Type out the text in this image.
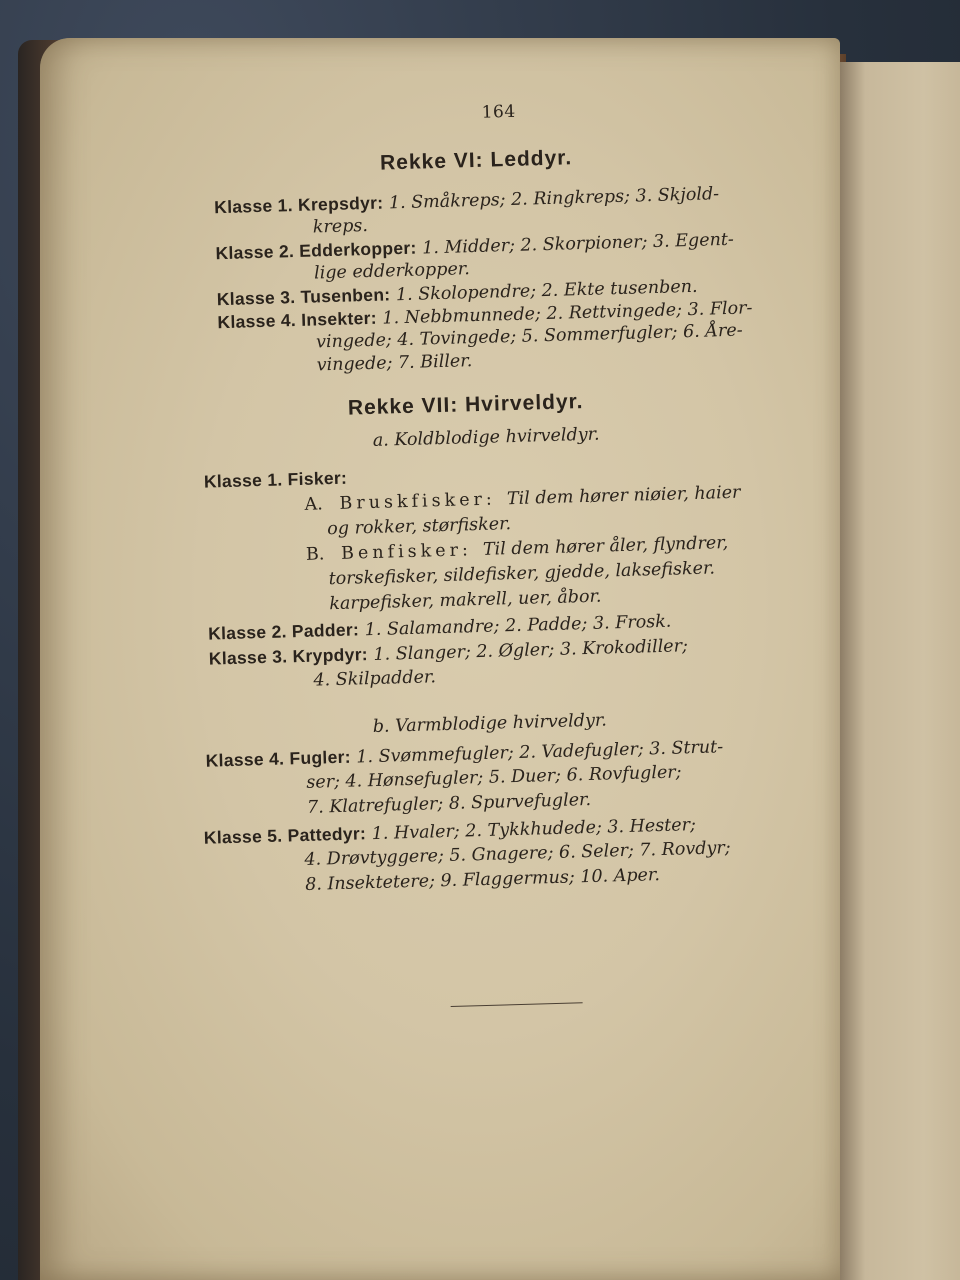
164
Rekke VI: Leddyr.
Klasse 1. Krepsdyr: 1. Småkreps; 2. Ringkreps; 3. Skjold-
kreps.
Klasse 2. Edderkopper: 1. Midder; 2. Skorpioner; 3. Egent-
lige edderkopper.
Klasse 3. Tusenben: 1. Skolopendre; 2. Ekte tusenben.
Klasse 4. Insekter: 1. Nebbmunnede; 2. Rettvingede; 3. Flor-
vingede; 4. Tovingede; 5. Sommerfugler; 6. Åre-
vingede; 7. Biller.
Rekke VII: Hvirveldyr.
a. Koldblodige hvirveldyr.
Klasse 1. Fisker:
A. Bruskfisker: Til dem hører niøier, haier
og rokker, størfisker.
B. Benfisker: Til dem hører åler, flyndrer,
torskefisker, sildefisker, gjedde, laksefisker.
karpefisker, makrell, uer, åbor.
Klasse 2. Padder: 1. Salamandre; 2. Padde; 3. Frosk.
Klasse 3. Krypdyr: 1. Slanger; 2. Øgler; 3. Krokodiller;
4. Skilpadder.
b. Varmblodige hvirveldyr.
Klasse 4. Fugler: 1. Svømmefugler; 2. Vadefugler; 3. Strut-
ser; 4. Hønsefugler; 5. Duer; 6. Rovfugler;
7. Klatrefugler; 8. Spurvefugler.
Klasse 5. Pattedyr: 1. Hvaler; 2. Tykkhudede; 3. Hester;
4. Drøvtyggere; 5. Gnagere; 6. Seler; 7. Rovdyr;
8. Insektetere; 9. Flaggermus; 10. Aper.
